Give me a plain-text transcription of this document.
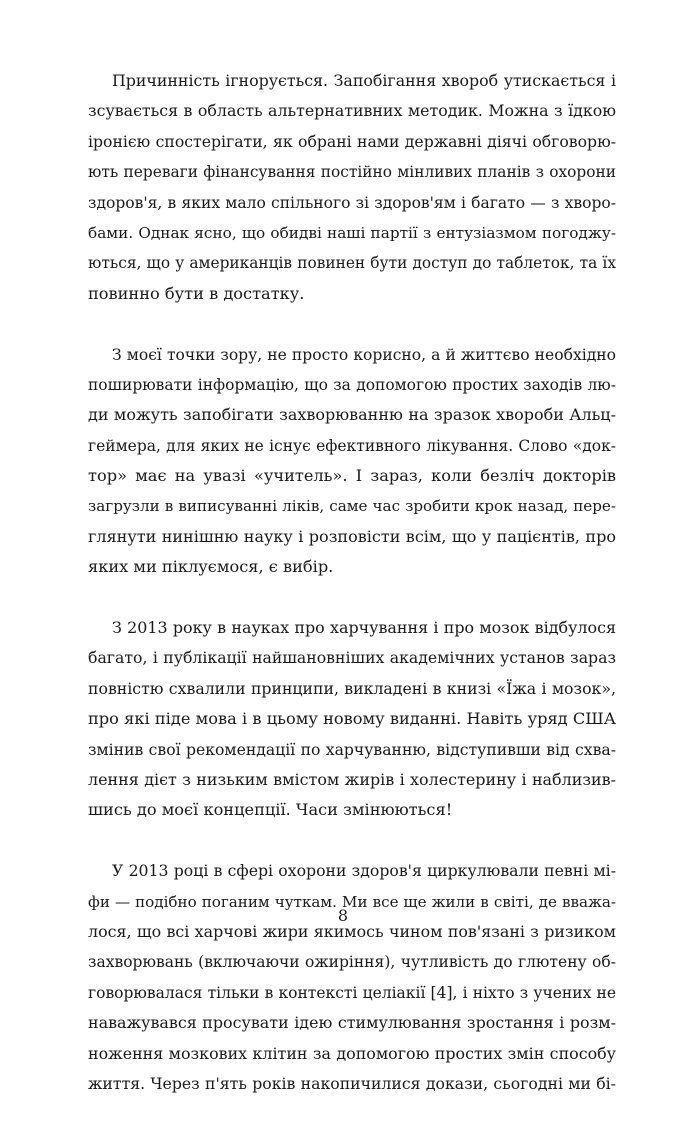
Причинність ігнорується. Запобігання хвороб утискається і
зсувається в область альтернативних методик. Можна з їдкою
іронією спостерігати, як обрані нами державні діячі обговорю-
ють переваги фінансування постійно мінливих планів з охорони
здоров'я, в яких мало спільного зі здоров'ям і багато — з хворо-
бами. Однак ясно, що обидві наші партії з ентузіазмом погоджу-
ються, що у американців повинен бути доступ до таблеток, та їх
повинно бути в достатку.
З моєї точки зору, не просто корисно, а й життєво необхідно
поширювати інформацію, що за допомогою простих заходів лю-
ди можуть запобігати захворюванню на зразок хвороби Альц-
геймера, для яких не існує ефективного лікування. Слово «док-
тор» має на увазі «учитель». І зараз, коли безліч докторів
загрузли в виписуванні ліків, саме час зробити крок назад, пере-
глянути нинішню науку і розповісти всім, що у пацієнтів, про
яких ми піклуємося, є вибір.
З 2013 року в науках про харчування і про мозок відбулося
багато, і публікації найшановніших академічних установ зараз
повністю схвалили принципи, викладені в книзі «Їжа і мозок»,
про які піде мова і в цьому новому виданні. Навіть уряд США
змінив свої рекомендації по харчуванню, відступивши від схва-
лення дієт з низьким вмістом жирів і холестерину і наблизив-
шись до моєї концепції. Часи змінюються!
У 2013 році в сфері охорони здоров'я циркулювали певні мі-
фи — подібно поганим чуткам. Ми все ще жили в світі, де вважа-
лося, що всі харчові жири якимось чином пов'язані з ризиком
захворювань (включаючи ожиріння), чутливість до глютену об-
говорювалася тільки в контексті целіакії [4], і ніхто з учених не
наважувався просувати ідею стимулювання зростання і розм-
ноження мозкових клітин за допомогою простих змін способу
життя. Через п'ять років накопичилися докази, сьогодні ми бі-
8
